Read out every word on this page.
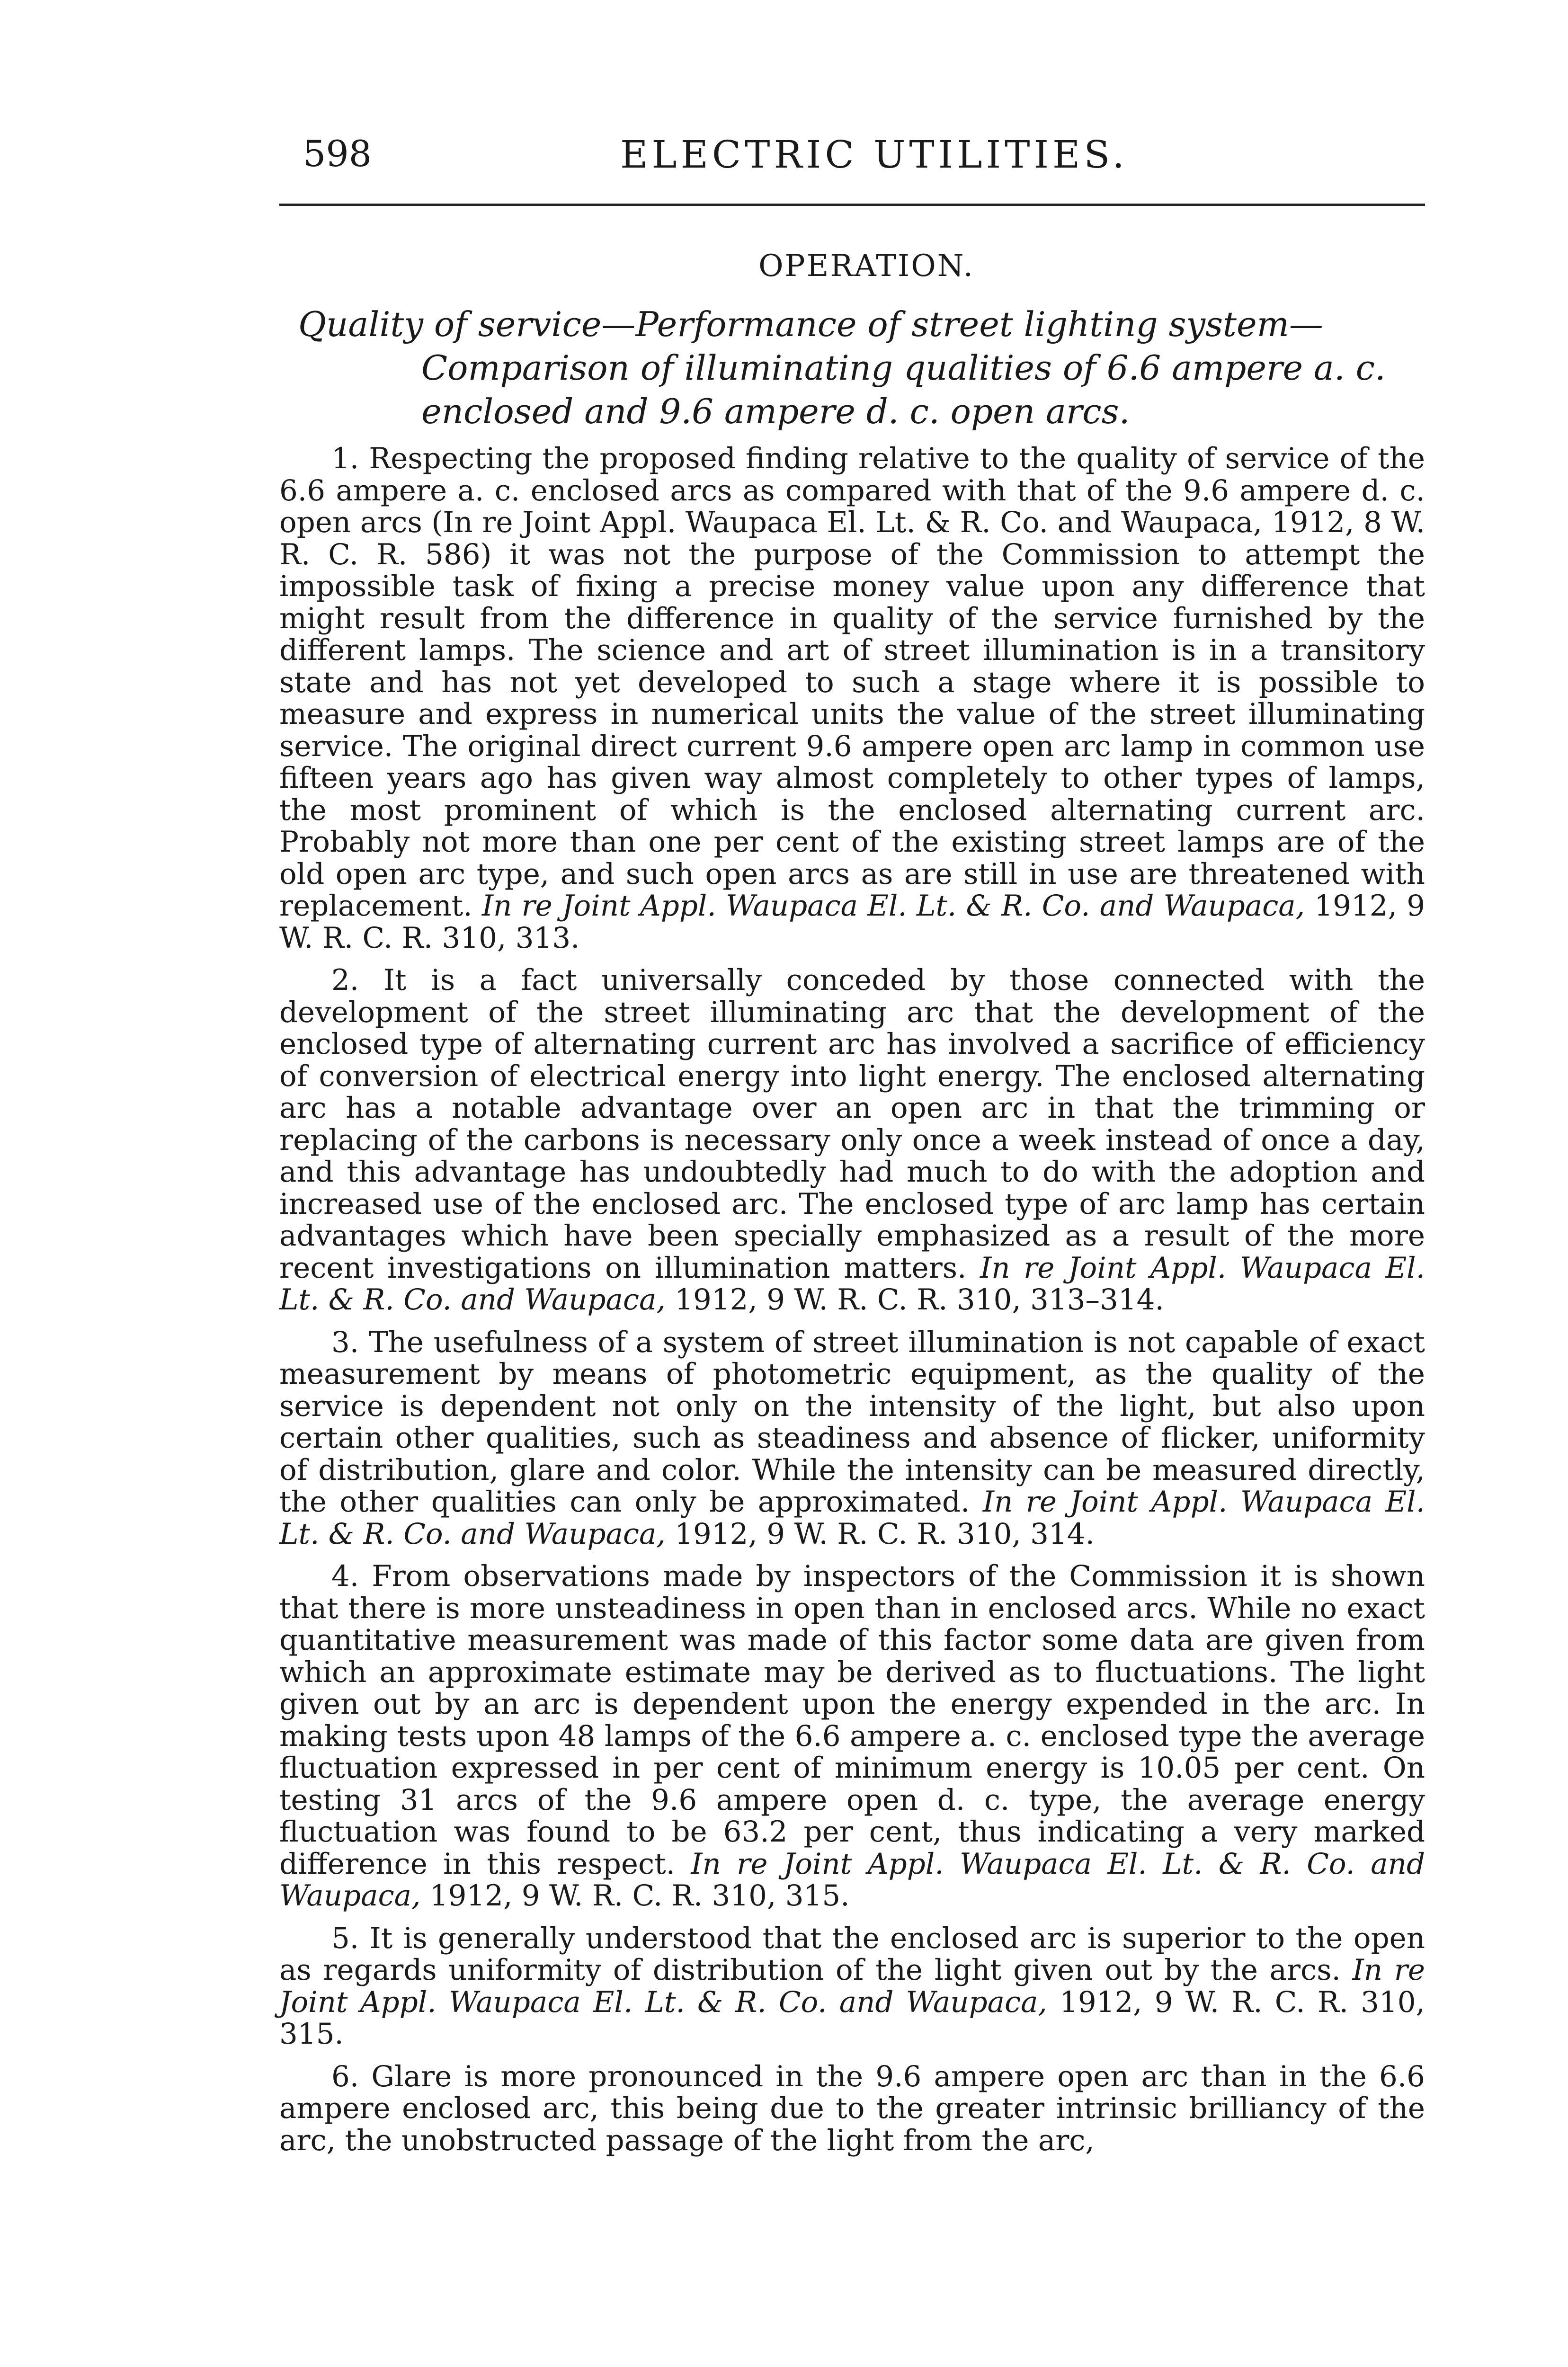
598	ELECTRIC UTILITIES.
OPERATION.
Quality of service—Performance of street lighting system—Comparison of illuminating qualities of 6.6 ampere a. c. enclosed and 9.6 ampere d. c. open arcs.

1. Respecting the proposed finding relative to the quality of service of the 6.6 ampere a. c. enclosed arcs as compared with that of the 9.6 ampere d. c. open arcs (In re Joint Appl. Waupaca El. Lt. & R. Co. and Waupaca, 1912, 8 W. R. C. R. 586) it was not the purpose of the Commission to attempt the impossible task of fixing a precise money value upon any difference that might result from the difference in quality of the service furnished by the different lamps. The science and art of street illumination is in a transitory state and has not yet developed to such a stage where it is possible to measure and express in numerical units the value of the street illuminating service. The original direct current 9.6 ampere open arc lamp in common use fifteen years ago has given way almost completely to other types of lamps, the most prominent of which is the enclosed alternating current arc. Probably not more than one per cent of the existing street lamps are of the old open arc type, and such open arcs as are still in use are threatened with replacement. In re Joint Appl. Waupaca El. Lt. & R. Co. and Waupaca, 1912, 9 W. R. C. R. 310, 313.

2. It is a fact universally conceded by those connected with the development of the street illuminating arc that the development of the enclosed type of alternating current arc has involved a sacrifice of efficiency of conversion of electrical energy into light energy. The enclosed alternating arc has a notable advantage over an open arc in that the trimming or replacing of the carbons is necessary only once a week instead of once a day, and this advantage has undoubtedly had much to do with the adoption and increased use of the enclosed arc. The enclosed type of arc lamp has certain advantages which have been specially emphasized as a result of the more recent investigations on illumination matters. In re Joint Appl. Waupaca El. Lt. & R. Co. and Waupaca, 1912, 9 W. R. C. R. 310, 313–314.

3. The usefulness of a system of street illumination is not capable of exact measurement by means of photometric equipment, as the quality of the service is dependent not only on the intensity of the light, but also upon certain other qualities, such as steadiness and absence of flicker, uniformity of distribution, glare and color. While the intensity can be measured directly, the other qualities can only be approximated. In re Joint Appl. Waupaca El. Lt. & R. Co. and Waupaca, 1912, 9 W. R. C. R. 310, 314.

4. From observations made by inspectors of the Commission it is shown that there is more unsteadiness in open than in enclosed arcs. While no exact quantitative measurement was made of this factor some data are given from which an approximate estimate may be derived as to fluctuations. The light given out by an arc is dependent upon the energy expended in the arc. In making tests upon 48 lamps of the 6.6 ampere a. c. enclosed type the average fluctuation expressed in per cent of minimum energy is 10.05 per cent. On testing 31 arcs of the 9.6 ampere open d. c. type, the average energy fluctuation was found to be 63.2 per cent, thus indicating a very marked difference in this respect. In re Joint Appl. Waupaca El. Lt. & R. Co. and Waupaca, 1912, 9 W. R. C. R. 310, 315.

5. It is generally understood that the enclosed arc is superior to the open as regards uniformity of distribution of the light given out by the arcs. In re Joint Appl. Waupaca El. Lt. & R. Co. and Waupaca, 1912, 9 W. R. C. R. 310, 315.

6. Glare is more pronounced in the 9.6 ampere open arc than in the 6.6 ampere enclosed arc, this being due to the greater intrinsic brilliancy of the arc, the unobstructed passage of the light from the arc,
